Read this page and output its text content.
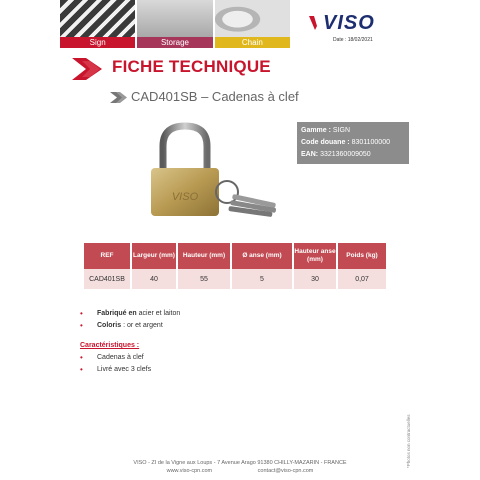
Sign	Storage	Chain
VISO
Date : 18/02/2021
FICHE TECHNIQUE
CAD401SB – Cadenas à clef
VISO
Gamme : SIGN
Code douane : 8301100000
EAN: 3321360009050
REF	Largeur (mm)	Hauteur (mm)	Ø anse (mm)	Hauteur anse (mm)	Poids (kg)
CAD401SB	40	55	5	30	0,07
• Fabriqué en acier et laiton
• Coloris : or et argent
Caractéristiques :
• Cadenas à clef
• Livré avec 3 clefs
*Photos non contractuelles
VISO - ZI de la Vigne aux Loups - 7 Avenue Arago 91380 CHILLY-MAZARIN - FRANCE
www.viso-cpn.com	contact@viso-cpn.com
